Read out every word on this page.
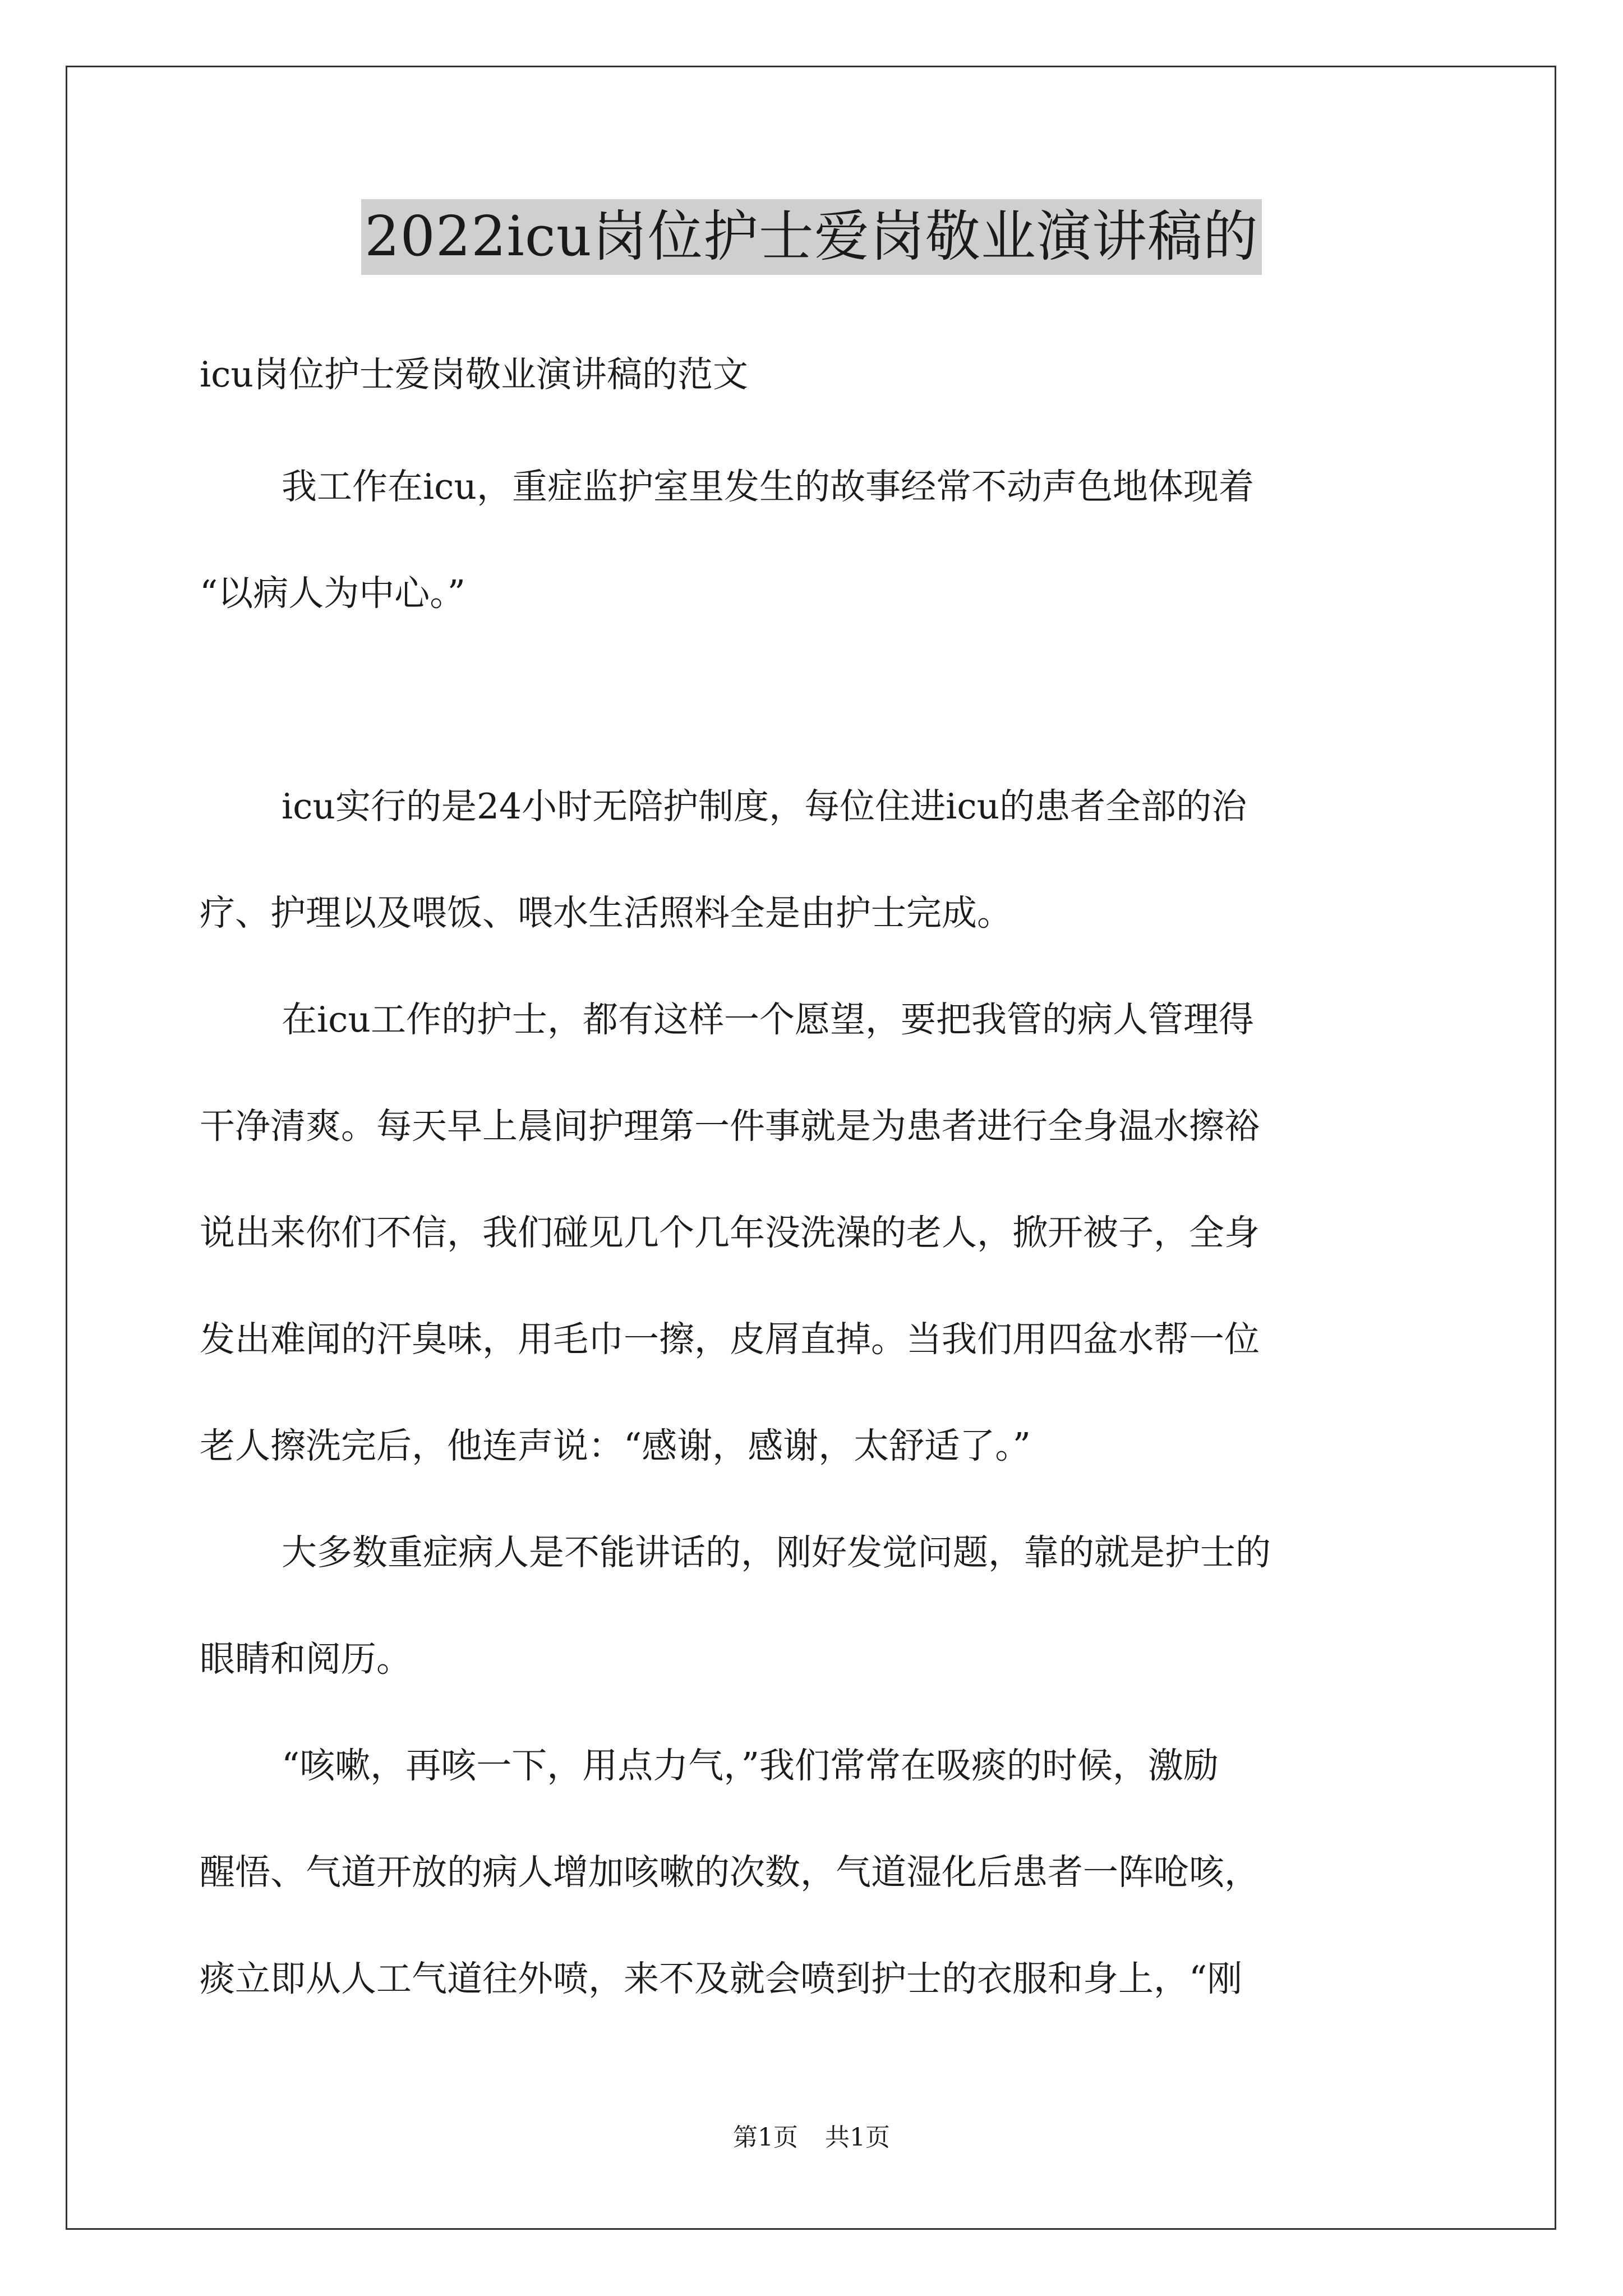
2022icu岗位护士爱岗敬业演讲稿的

icu岗位护士爱岗敬业演讲稿的范文

我工作在icu，重症监护室里发生的故事经常不动声色地体现着

“以病人为中心。”

icu实行的是24小时无陪护制度，每位住进icu的患者全部的治

疗、护理以及喂饭、喂水生活照料全是由护士完成。

在icu工作的护士，都有这样一个愿望，要把我管的病人管理得

干净清爽。每天早上晨间护理第一件事就是为患者进行全身温水擦裕

说出来你们不信，我们碰见几个几年没洗澡的老人，掀开被子，全身

发出难闻的汗臭味，用毛巾一擦，皮屑直掉。当我们用四盆水帮一位

老人擦洗完后，他连声说：“感谢，感谢，太舒适了。”

大多数重症病人是不能讲话的，刚好发觉问题，靠的就是护士的

眼睛和阅历。

“咳嗽，再咳一下，用点力气，”我们常常在吸痰的时候，激励

醒悟、气道开放的病人增加咳嗽的次数，气道湿化后患者一阵呛咳，

痰立即从人工气道往外喷，来不及就会喷到护士的衣服和身上，“刚

第1页 共1页
